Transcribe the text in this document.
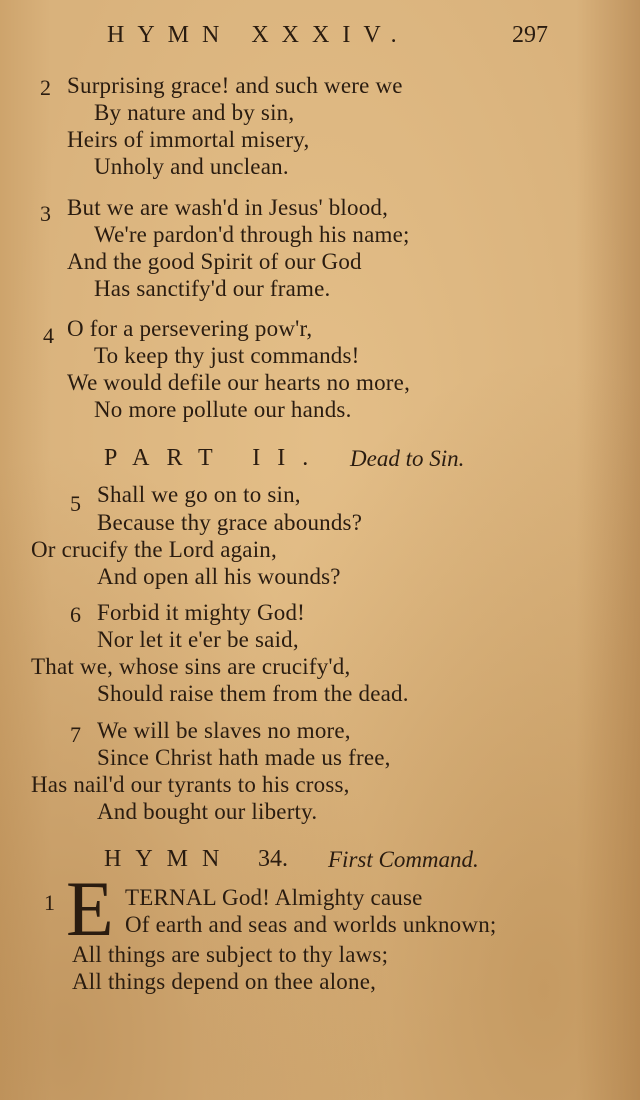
HYMN XXXIV.	297
2 Surprising grace! and such were we
By nature and by sin,
Heirs of immortal misery,
Unholy and unclean.
3 But we are wash'd in Jesus' blood,
We're pardon'd through his name;
And the good Spirit of our God
Has sanctify'd our frame.
4 O for a persevering pow'r,
To keep thy just commands!
We would defile our hearts no more,
No more pollute our hands.
PART II. Dead to Sin.
5 Shall we go on to sin,
Because thy grace abounds?
Or crucify the Lord again,
And open all his wounds?
6 Forbid it mighty God!
Nor let it e'er be said,
That we, whose sins are crucify'd,
Should raise them from the dead.
7 We will be slaves no more,
Since Christ hath made us free,
Has nail'd our tyrants to his cross,
And bought our liberty.
HYMN 34. First Command.
1 E TERNAL God! Almighty cause
Of earth and seas and worlds unknown;
All things are subject to thy laws;
All things depend on thee alone,
